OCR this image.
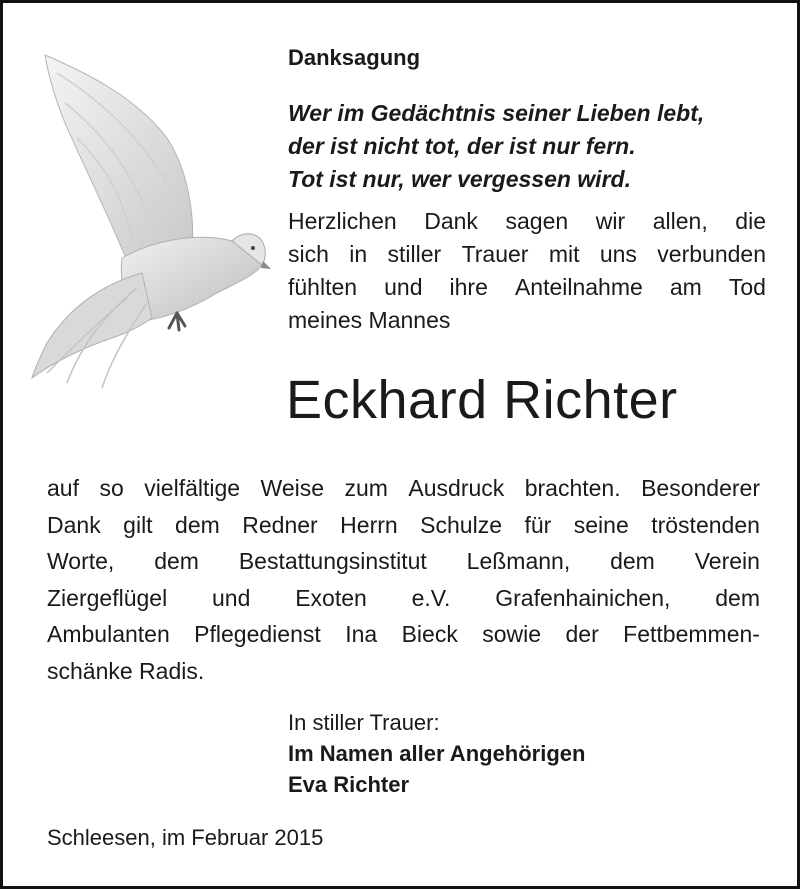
Danksagung
Wer im Gedächtnis seiner Lieben lebt,
der ist nicht tot, der ist nur fern.
Tot ist nur, wer vergessen wird.
Herzlichen Dank sagen wir allen, die
sich in stiller Trauer mit uns verbunden
fühlten und ihre Anteilnahme am Tod
meines Mannes
Eckhard Richter
auf so vielfältige Weise zum Ausdruck brachten. Besonderer
Dank gilt dem Redner Herrn Schulze für seine tröstenden
Worte, dem Bestattungsinstitut Leßmann, dem Verein
Ziergeflügel und Exoten e.V. Grafenhainichen, dem
Ambulanten Pflegedienst Ina Bieck sowie der Fettbemmen-
schänke Radis.
In stiller Trauer:
Im Namen aller Angehörigen
Eva Richter
Schleesen, im Februar 2015
